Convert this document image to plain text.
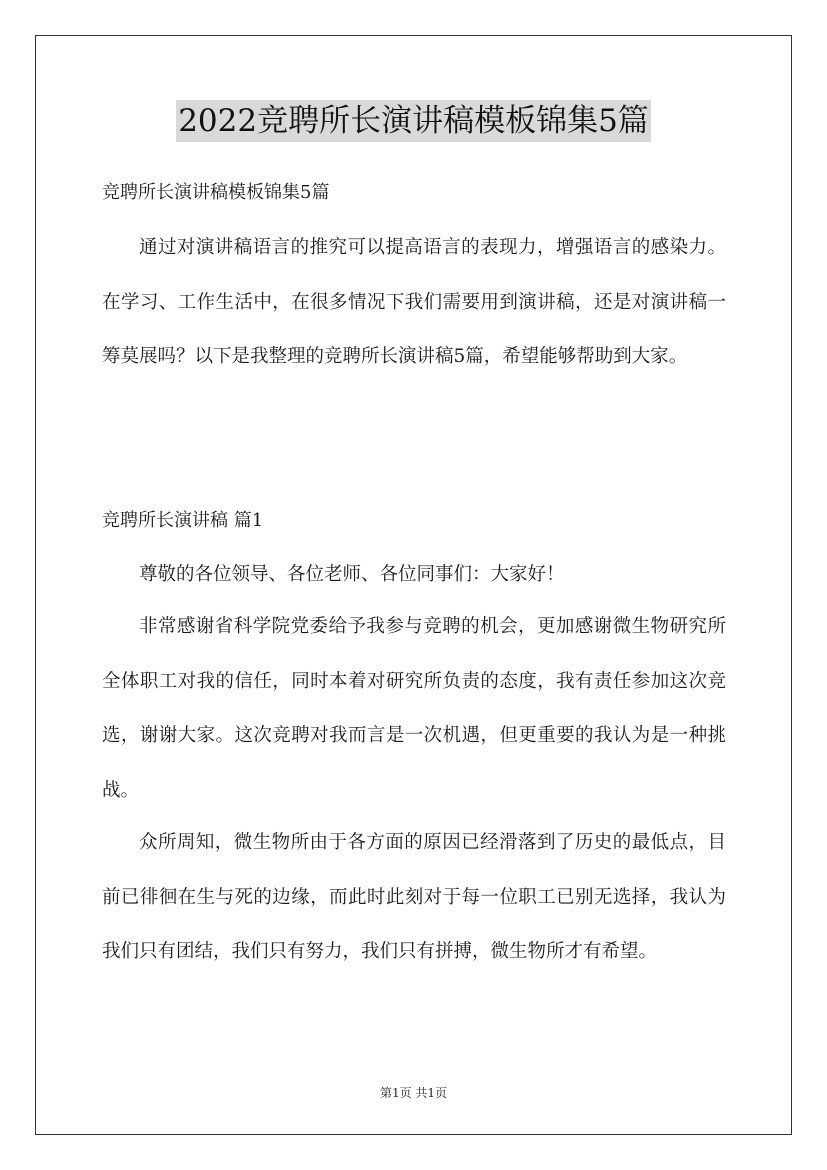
2022竞聘所长演讲稿模板锦集5篇
竞聘所长演讲稿模板锦集5篇

通过对演讲稿语言的推究可以提高语言的表现力，增强语言的感染力。在学习、工作生活中，在很多情况下我们需要用到演讲稿，还是对演讲稿一筹莫展吗？以下是我整理的竞聘所长演讲稿5篇，希望能够帮助到大家。

竞聘所长演讲稿 篇1

尊敬的各位领导、各位老师、各位同事们：大家好！

非常感谢省科学院党委给予我参与竞聘的机会，更加感谢微生物研究所全体职工对我的信任，同时本着对研究所负责的态度，我有责任参加这次竞选，谢谢大家。这次竞聘对我而言是一次机遇，但更重要的我认为是一种挑战。

众所周知，微生物所由于各方面的原因已经滑落到了历史的最低点，目前已徘徊在生与死的边缘，而此时此刻对于每一位职工已别无选择，我认为我们只有团结，我们只有努力，我们只有拼搏，微生物所才有希望。

第1页 共1页
